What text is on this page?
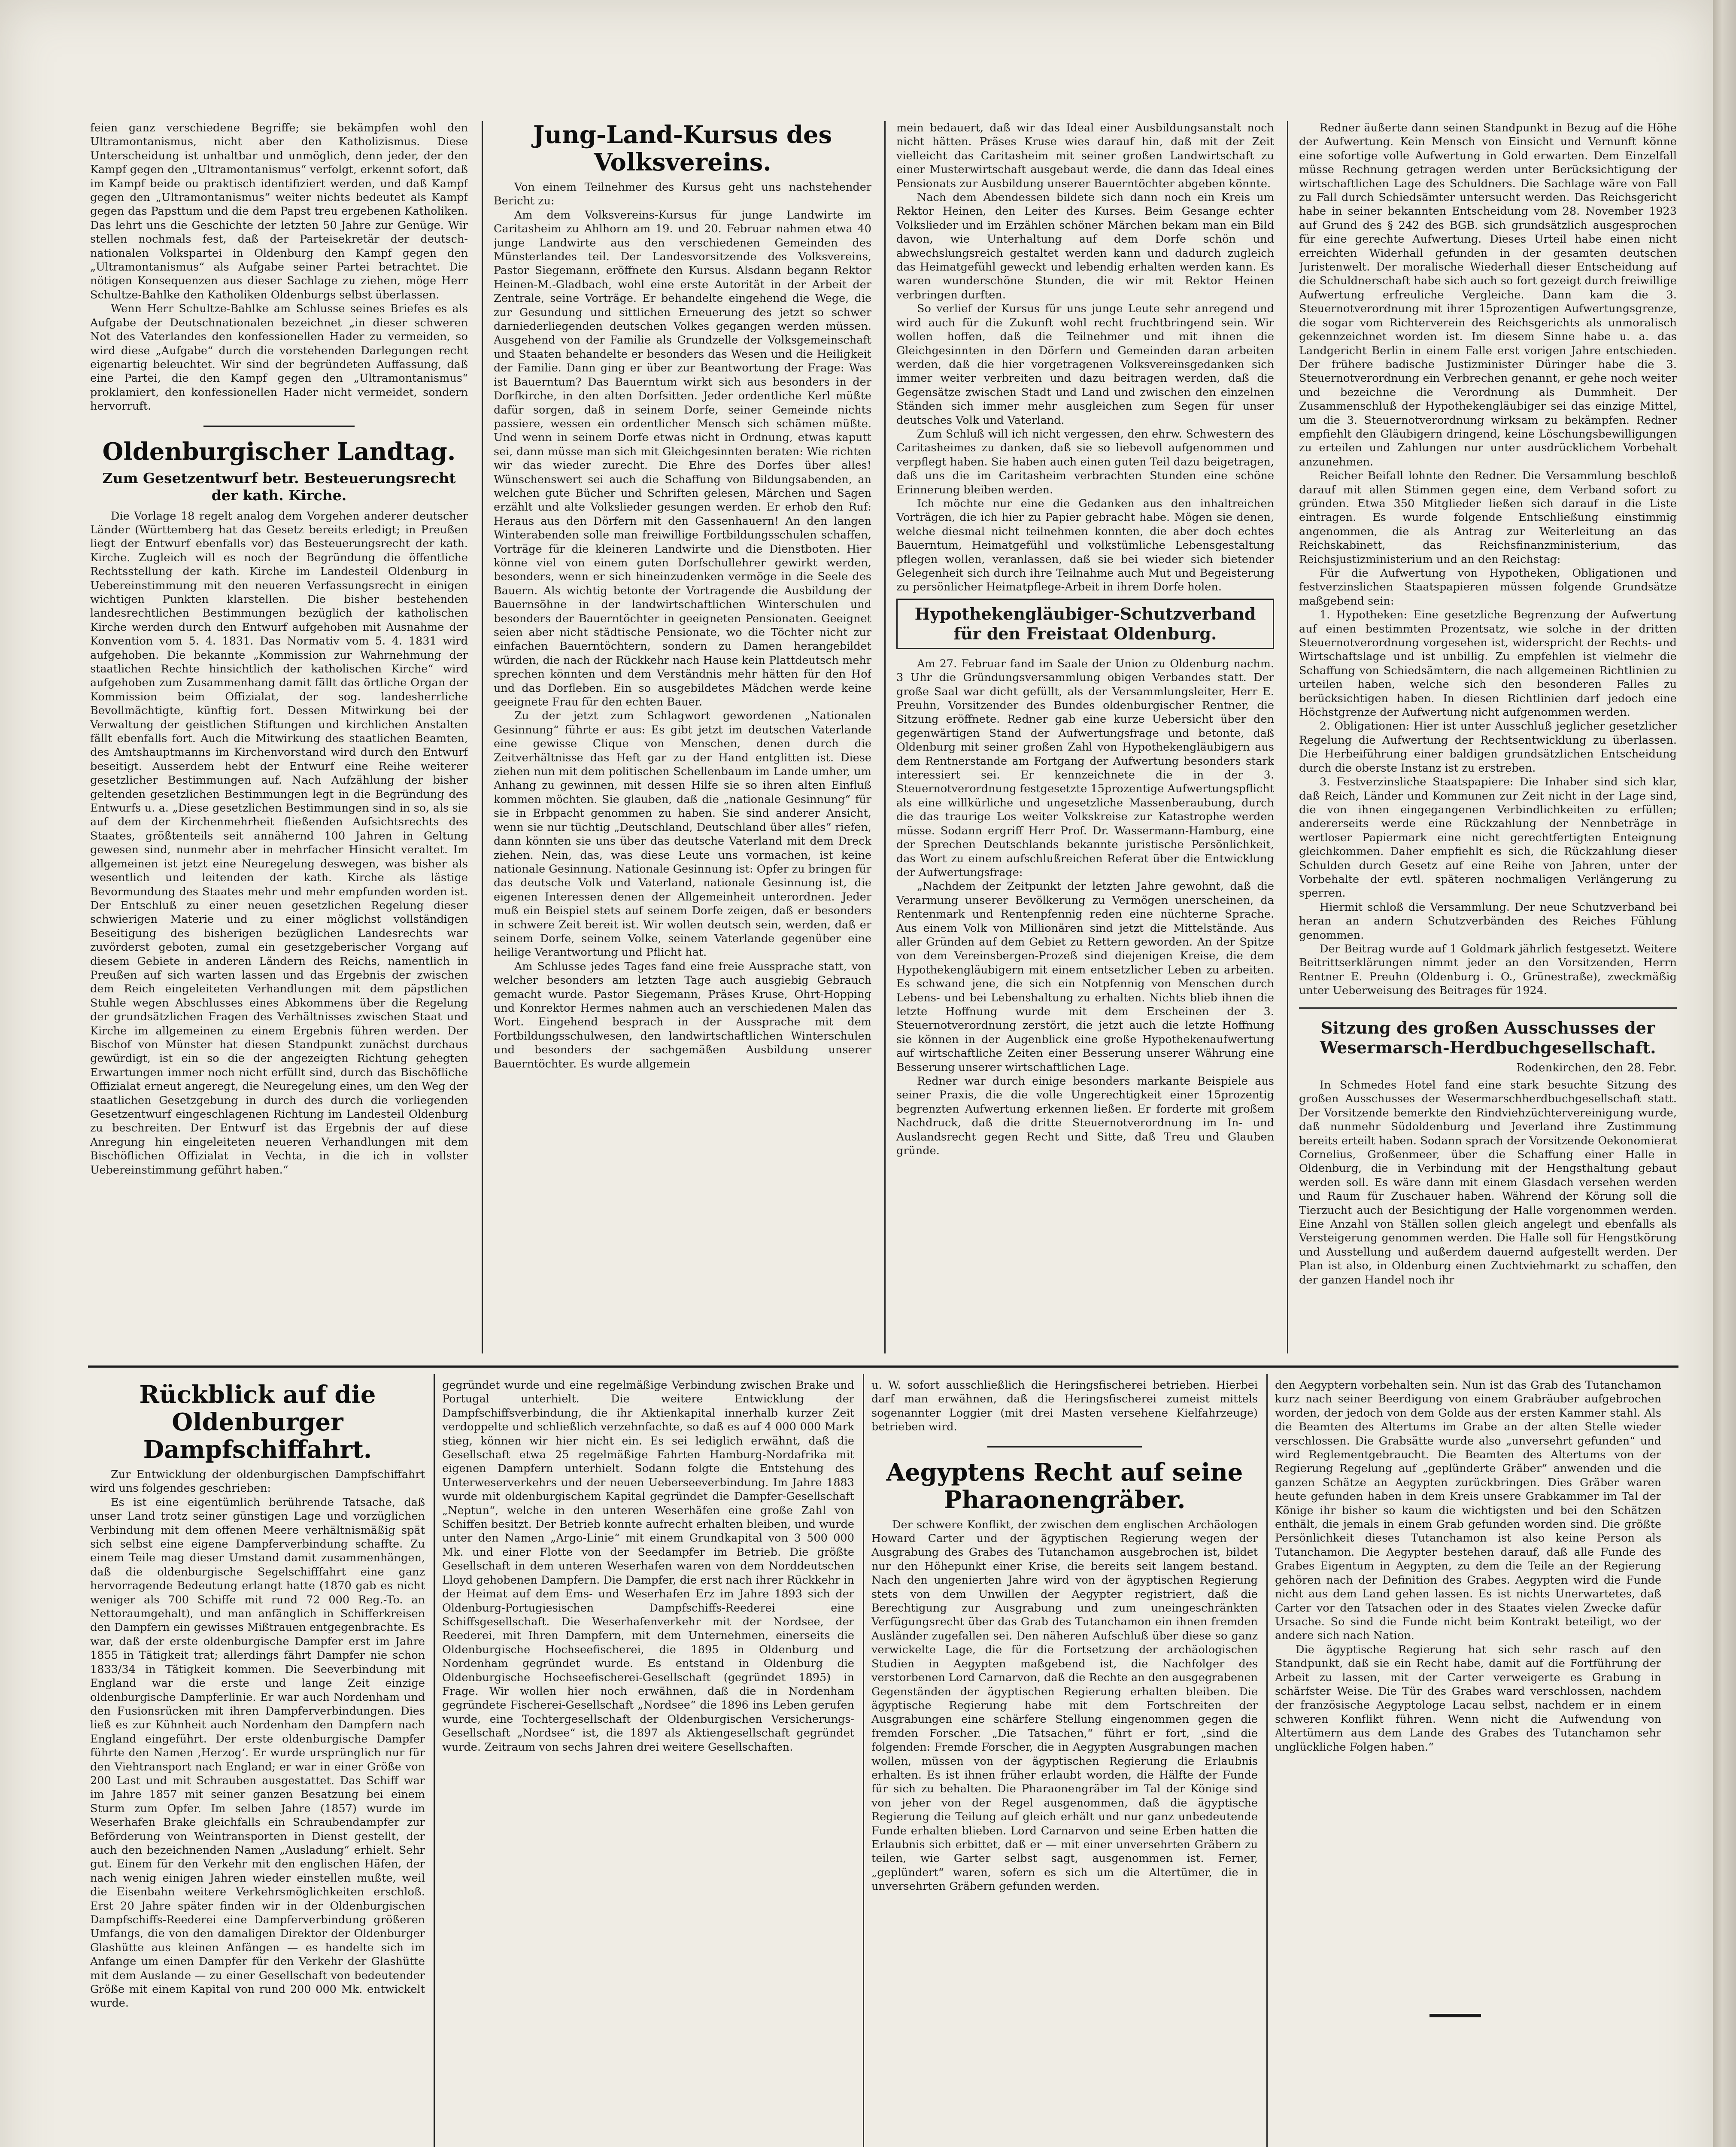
feien ganz verschiedene Begriffe; sie bekämpfen wohl den Ultramontanismus, nicht aber den Katholizismus. Diese Unterscheidung ist unhaltbar und unmöglich, denn jeder, der den Kampf gegen den „Ultramontanismus“ verfolgt, erkennt sofort, daß im Kampf beide ou praktisch identifiziert werden, und daß Kampf gegen den „Ultramontanismus“ weiter nichts bedeutet als Kampf gegen das Papsttum und die dem Papst treu ergebenen Katholiken. Das lehrt uns die Geschichte der letzten 50 Jahre zur Genüge. Wir stellen nochmals fest, daß der Parteisekretär der deutsch-nationalen Volkspartei in Oldenburg den Kampf gegen den „Ultramontanismus“ als Aufgabe seiner Partei betrachtet. Die nötigen Konsequenzen aus dieser Sachlage zu ziehen, möge Herr Schultze-Bahlke den Katholiken Oldenburgs selbst überlassen.

Wenn Herr Schultze-Bahlke am Schlusse seines Briefes es als Aufgabe der Deutschnationalen bezeichnet „in dieser schweren Not des Vaterlandes den konfessionellen Hader zu vermeiden, so wird diese „Aufgabe“ durch die vorstehenden Darlegungen recht eigenartig beleuchtet. Wir sind der begründeten Auffassung, daß eine Partei, die den Kampf gegen den „Ultramontanismus“ proklamiert, den konfessionellen Hader nicht vermeidet, sondern hervorruft.

Oldenburgischer Landtag.
Zum Gesetzentwurf betr. Besteuerungsrecht der kath. Kirche.

Die Vorlage 18 regelt analog dem Vorgehen anderer deutscher Länder (Württemberg hat das Gesetz bereits erledigt; in Preußen liegt der Entwurf ebenfalls vor) das Besteuerungsrecht der kath. Kirche. Zugleich will es noch der Begründung die öffentliche Rechtsstellung der kath. Kirche im Landesteil Oldenburg in Uebereinstimmung mit den neueren Verfassungsrecht in einigen wichtigen Punkten klarstellen. Die bisher bestehenden landesrechtlichen Bestimmungen bezüglich der katholischen Kirche werden durch den Entwurf aufgehoben mit Ausnahme der Konvention vom 5. 4. 1831. Das Normativ vom 5. 4. 1831 wird aufgehoben. Die bekannte „Kommission zur Wahrnehmung der staatlichen Rechte hinsichtlich der katholischen Kirche“ wird aufgehoben zum Zusammenhang damit fällt das örtliche Organ der Kommission beim Offizialat, der sog. landesherrliche Bevollmächtigte, künftig fort. Dessen Mitwirkung bei der Verwaltung der geistlichen Stiftungen und kirchlichen Anstalten fällt ebenfalls fort. Auch die Mitwirkung des staatlichen Beamten, des Amtshauptmanns im Kirchenvorstand wird durch den Entwurf beseitigt. Ausserdem hebt der Entwurf eine Reihe weiterer gesetzlicher Bestimmungen auf. Nach Aufzählung der bisher geltenden gesetzlichen Bestimmungen legt in die Begründung des Entwurfs u. a. „Diese gesetzlichen Bestimmungen sind in so, als sie auf dem der Kirchenmehrheit fließenden Aufsichtsrechts des Staates, größtenteils seit annähernd 100 Jahren in Geltung gewesen sind, nunmehr aber in mehrfacher Hinsicht veraltet. Im allgemeinen ist jetzt eine Neuregelung deswegen, was bisher als wesentlich und leitenden der kath. Kirche als lästige Bevormundung des Staates mehr und mehr empfunden worden ist. Der Entschluß zu einer neuen gesetzlichen Regelung dieser schwierigen Materie und zu einer möglichst vollständigen Beseitigung des bisherigen bezüglichen Landesrechts war zuvörderst geboten, zumal ein gesetzgeberischer Vorgang auf diesem Gebiete in anderen Ländern des Reichs, namentlich in Preußen auf sich warten lassen und das Ergebnis der zwischen dem Reich eingeleiteten Verhandlungen mit dem päpstlichen Stuhle wegen Abschlusses eines Abkommens über die Regelung der grundsätzlichen Fragen des Verhältnisses zwischen Staat und Kirche im allgemeinen zu einem Ergebnis führen werden. Der Bischof von Münster hat diesen Standpunkt zunächst durchaus gewürdigt, ist ein so die der angezeigten Richtung gehegten Erwartungen immer noch nicht erfüllt sind, durch das Bischöfliche Offizialat erneut angeregt, die Neuregelung eines, um den Weg der staatlichen Gesetzgebung in durch des durch die vorliegenden Gesetzentwurf eingeschlagenen Richtung im Landesteil Oldenburg zu beschreiten. Der Entwurf ist das Ergebnis der auf diese Anregung hin eingeleiteten neueren Verhandlungen mit dem Bischöflichen Offizialat in Vechta, in die ich in vollster Uebereinstimmung geführt haben.“

Jung-Land-Kursus des Volksvereins.

Von einem Teilnehmer des Kursus geht uns nachstehender Bericht zu:

Am dem Volksvereins-Kursus für junge Landwirte im Caritasheim zu Ahlhorn am 19. und 20. Februar nahmen etwa 40 junge Landwirte aus den verschiedenen Gemeinden des Münsterlandes teil. Der Landesvorsitzende des Volksvereins, Pastor Siegemann, eröffnete den Kursus. Alsdann begann Rektor Heinen-M.-Gladbach, wohl eine erste Autorität in der Arbeit der Zentrale, seine Vorträge. Er behandelte eingehend die Wege, die zur Gesundung und sittlichen Erneuerung des jetzt so schwer darniederliegenden deutschen Volkes gegangen werden müssen. Ausgehend von der Familie als Grundzelle der Volksgemeinschaft und Staaten behandelte er besonders das Wesen und die Heiligkeit der Familie. Dann ging er über zur Beantwortung der Frage: Was ist Bauerntum? Das Bauerntum wirkt sich aus besonders in der Dorfkirche, in den alten Dorfsitten. Jeder ordentliche Kerl müßte dafür sorgen, daß in seinem Dorfe, seiner Gemeinde nichts passiere, wessen ein ordentlicher Mensch sich schämen müßte. Und wenn in seinem Dorfe etwas nicht in Ordnung, etwas kaputt sei, dann müsse man sich mit Gleichgesinnten beraten: Wie richten wir das wieder zurecht. Die Ehre des Dorfes über alles! Wünschenswert sei auch die Schaffung von Bildungsabenden, an welchen gute Bücher und Schriften gelesen, Märchen und Sagen erzählt und alte Volkslieder gesungen werden. Er erhob den Ruf: Heraus aus den Dörfern mit den Gassenhauern! An den langen Winterabenden solle man freiwillige Fortbildungsschulen schaffen, Vorträge für die kleineren Landwirte und die Dienstboten. Hier könne viel von einem guten Dorfschullehrer gewirkt werden, besonders, wenn er sich hineinzudenken vermöge in die Seele des Bauern. Als wichtig betonte der Vortragende die Ausbildung der Bauernsöhne in der landwirtschaftlichen Winterschulen und besonders der Bauerntöchter in geeigneten Pensionaten. Geeignet seien aber nicht städtische Pensionate, wo die Töchter nicht zur einfachen Bauerntöchtern, sondern zu Damen herangebildet würden, die nach der Rückkehr nach Hause kein Plattdeutsch mehr sprechen könnten und dem Verständnis mehr hätten für den Hof und das Dorfleben. Ein so ausgebildetes Mädchen werde keine geeignete Frau für den echten Bauer.

Zu der jetzt zum Schlagwort gewordenen „Nationalen Gesinnung“ führte er aus: Es gibt jetzt im deutschen Vaterlande eine gewisse Clique von Menschen, denen durch die Zeitverhältnisse das Heft gar zu der Hand entglitten ist. Diese ziehen nun mit dem politischen Schellenbaum im Lande umher, um Anhang zu gewinnen, mit dessen Hilfe sie so ihren alten Einfluß kommen möchten. Sie glauben, daß die „nationale Gesinnung“ für sie in Erbpacht genommen zu haben. Sie sind anderer Ansicht, wenn sie nur tüchtig „Deutschland, Deutschland über alles“ riefen, dann könnten sie uns über das deutsche Vaterland mit dem Dreck ziehen. Nein, das, was diese Leute uns vormachen, ist keine nationale Gesinnung. Nationale Gesinnung ist: Opfer zu bringen für das deutsche Volk und Vaterland, nationale Gesinnung ist, die eigenen Interessen denen der Allgemeinheit unterordnen. Jeder muß ein Beispiel stets auf seinem Dorfe zeigen, daß er besonders in schwere Zeit bereit ist. Wir wollen deutsch sein, werden, daß er seinem Dorfe, seinem Volke, seinem Vaterlande gegenüber eine heilige Verantwortung und Pflicht hat.

Am Schlusse jedes Tages fand eine freie Aussprache statt, von welcher besonders am letzten Tage auch ausgiebig Gebrauch gemacht wurde. Pastor Siegemann, Präses Kruse, Ohrt-Hopping und Konrektor Hermes nahmen auch an verschiedenen Malen das Wort. Eingehend besprach in der Aussprache mit dem Fortbildungsschulwesen, den landwirtschaftlichen Winterschulen und besonders der sachgemäßen Ausbildung unserer Bauerntöchter. Es wurde allgemein

mein bedauert, daß wir das Ideal einer Ausbildungsanstalt noch nicht hätten. Präses Kruse wies darauf hin, daß mit der Zeit vielleicht das Caritasheim mit seiner großen Landwirtschaft zu einer Musterwirtschaft ausgebaut werde, die dann das Ideal eines Pensionats zur Ausbildung unserer Bauerntöchter abgeben könnte.

Nach dem Abendessen bildete sich dann noch ein Kreis um Rektor Heinen, den Leiter des Kurses. Beim Gesange echter Volkslieder und im Erzählen schöner Märchen bekam man ein Bild davon, wie Unterhaltung auf dem Dorfe schön und abwechslungsreich gestaltet werden kann und dadurch zugleich das Heimatgefühl geweckt und lebendig erhalten werden kann. Es waren wunderschöne Stunden, die wir mit Rektor Heinen verbringen durften.

So verlief der Kursus für uns junge Leute sehr anregend und wird auch für die Zukunft wohl recht fruchtbringend sein. Wir wollen hoffen, daß die Teilnehmer und mit ihnen die Gleichgesinnten in den Dörfern und Gemeinden daran arbeiten werden, daß die hier vorgetragenen Volksvereinsgedanken sich immer weiter verbreiten und dazu beitragen werden, daß die Gegensätze zwischen Stadt und Land und zwischen den einzelnen Ständen sich immer mehr ausgleichen zum Segen für unser deutsches Volk und Vaterland.

Zum Schluß will ich nicht vergessen, den ehrw. Schwestern des Caritasheimes zu danken, daß sie so liebevoll aufgenommen und verpflegt haben. Sie haben auch einen guten Teil dazu beigetragen, daß uns die im Caritasheim verbrachten Stunden eine schöne Erinnerung bleiben werden.

Ich möchte nur eine die Gedanken aus den inhaltreichen Vorträgen, die ich hier zu Papier gebracht habe. Mögen sie denen, welche diesmal nicht teilnehmen konnten, die aber doch echtes Bauerntum, Heimatgefühl und volkstümliche Lebensgestaltung pflegen wollen, veranlassen, daß sie bei wieder sich bietender Gelegenheit sich durch ihre Teilnahme auch Mut und Begeisterung zu persönlicher Heimatpflege-Arbeit in ihrem Dorfe holen.

Hypothekengläubiger-Schutzverband für den Freistaat Oldenburg.

Am 27. Februar fand im Saale der Union zu Oldenburg nachm. 3 Uhr die Gründungsversammlung obigen Verbandes statt. Der große Saal war dicht gefüllt, als der Versammlungsleiter, Herr E. Preuhn, Vorsitzender des Bundes oldenburgischer Rentner, die Sitzung eröffnete. Redner gab eine kurze Uebersicht über den gegenwärtigen Stand der Aufwertungsfrage und betonte, daß Oldenburg mit seiner großen Zahl von Hypothekengläubigern aus dem Rentnerstande am Fortgang der Aufwertung besonders stark interessiert sei. Er kennzeichnete die in der 3. Steuernotverordnung festgesetzte 15prozentige Aufwertungspflicht als eine willkürliche und ungesetzliche Massenberaubung, durch die das traurige Los weiter Volkskreise zur Katastrophe werden müsse. Sodann ergriff Herr Prof. Dr. Wassermann-Hamburg, eine der Sprechen Deutschlands bekannte juristische Persönlichkeit, das Wort zu einem aufschlußreichen Referat über die Entwicklung der Aufwertungsfrage:

„Nachdem der Zeitpunkt der letzten Jahre gewohnt, daß die Verarmung unserer Bevölkerung zu Vermögen unerscheinen, da Rentenmark und Rentenpfennig reden eine nüchterne Sprache. Aus einem Volk von Millionären sind jetzt die Mittelstände. Aus aller Gründen auf dem Gebiet zu Rettern geworden. An der Spitze von dem Vereinsbergen-Prozeß sind diejenigen Kreise, die dem Hypothekengläubigern mit einem entsetzlicher Leben zu arbeiten. Es schwand jene, die sich ein Notpfennig von Menschen durch Lebens- und bei Lebenshaltung zu erhalten. Nichts blieb ihnen die letzte Hoffnung wurde mit dem Erscheinen der 3. Steuernotverordnung zerstört, die jetzt auch die letzte Hoffnung sie können in der Augenblick eine große Hypothekenaufwertung auf wirtschaftliche Zeiten einer Besserung unserer Währung eine Besserung unserer wirtschaftlichen Lage.

Redner war durch einige besonders markante Beispiele aus seiner Praxis, die die volle Ungerechtigkeit einer 15prozentig begrenzten Aufwertung erkennen ließen. Er forderte mit großem Nachdruck, daß die dritte Steuernotverordnung im In- und Auslandsrecht gegen Recht und Sitte, daß Treu und Glauben gründe.

Redner äußerte dann seinen Standpunkt in Bezug auf die Höhe der Aufwertung. Kein Mensch von Einsicht und Vernunft könne eine sofortige volle Aufwertung in Gold erwarten. Dem Einzelfall müsse Rechnung getragen werden unter Berücksichtigung der wirtschaftlichen Lage des Schuldners. Die Sachlage wäre von Fall zu Fall durch Schiedsämter untersucht werden. Das Reichsgericht habe in seiner bekannten Entscheidung vom 28. November 1923 auf Grund des § 242 des BGB. sich grundsätzlich ausgesprochen für eine gerechte Aufwertung. Dieses Urteil habe einen nicht erreichten Widerhall gefunden in der gesamten deutschen Juristenwelt. Der moralische Wiederhall dieser Entscheidung auf die Schuldnerschaft habe sich auch so fort gezeigt durch freiwillige Aufwertung erfreuliche Vergleiche. Dann kam die 3. Steuernotverordnung mit ihrer 15prozentigen Aufwertungsgrenze, die sogar vom Richterverein des Reichsgerichts als unmoralisch gekennzeichnet worden ist. Im diesem Sinne habe u. a. das Landgericht Berlin in einem Falle erst vorigen Jahre entschieden. Der frühere badische Justizminister Düringer habe die 3. Steuernotverordnung ein Verbrechen genannt, er gehe noch weiter und bezeichne die Verordnung als Dummheit. Der Zusammenschluß der Hypothekengläubiger sei das einzige Mittel, um die 3. Steuernotverordnung wirksam zu bekämpfen. Redner empfiehlt den Gläubigern dringend, keine Löschungsbewilligungen zu erteilen und Zahlungen nur unter ausdrücklichem Vorbehalt anzunehmen.

Reicher Beifall lohnte den Redner. Die Versammlung beschloß darauf mit allen Stimmen gegen eine, dem Verband sofort zu gründen. Etwa 350 Mitglieder ließen sich darauf in die Liste eintragen. Es wurde folgende Entschließung einstimmig angenommen, die als Antrag zur Weiterleitung an das Reichskabinett, das Reichsfinanzministerium, das Reichsjustizministerium und an den Reichstag:

Für die Aufwertung von Hypotheken, Obligationen und festverzinslichen Staatspapieren müssen folgende Grundsätze maßgebend sein:

1. Hypotheken: Eine gesetzliche Begrenzung der Aufwertung auf einen bestimmten Prozentsatz, wie solche in der dritten Steuernotverordnung vorgesehen ist, widerspricht der Rechts- und Wirtschaftslage und ist unbillig. Zu empfehlen ist vielmehr die Schaffung von Schiedsämtern, die nach allgemeinen Richtlinien zu urteilen haben, welche sich den besonderen Falles zu berücksichtigen haben. In diesen Richtlinien darf jedoch eine Höchstgrenze der Aufwertung nicht aufgenommen werden.

2. Obligationen: Hier ist unter Ausschluß jeglicher gesetzlicher Regelung die Aufwertung der Rechtsentwicklung zu überlassen. Die Herbeiführung einer baldigen grundsätzlichen Entscheidung durch die oberste Instanz ist zu erstreben.

3. Festverzinsliche Staatspapiere: Die Inhaber sind sich klar, daß Reich, Länder und Kommunen zur Zeit nicht in der Lage sind, die von ihnen eingegangenen Verbindlichkeiten zu erfüllen; andererseits werde eine Rückzahlung der Nennbeträge in wertloser Papiermark eine nicht gerechtfertigten Enteignung gleichkommen. Daher empfiehlt es sich, die Rückzahlung dieser Schulden durch Gesetz auf eine Reihe von Jahren, unter der Vorbehalte der evtl. späteren nochmaligen Verlängerung zu sperren.

Hiermit schloß die Versammlung. Der neue Schutzverband bei heran an andern Schutzverbänden des Reiches Fühlung genommen.

Der Beitrag wurde auf 1 Goldmark jährlich festgesetzt. Weitere Beitrittserklärungen nimmt jeder an den Vorsitzenden, Herrn Rentner E. Preuhn (Oldenburg i. O., Grünestraße), zweckmäßig unter Ueberweisung des Beitrages für 1924.

Sitzung des großen Ausschusses der Wesermarsch-Herdbuchgesellschaft.
Rodenkirchen, den 28. Febr.

In Schmedes Hotel fand eine stark besuchte Sitzung des großen Ausschusses der Wesermarschherdbuchgesellschaft statt. Der Vorsitzende bemerkte den Rindviehzüchtervereinigung wurde, daß nunmehr Südoldenburg und Jeverland ihre Zustimmung bereits erteilt haben. Sodann sprach der Vorsitzende Oekonomierat Cornelius, Großenmeer, über die Schaffung einer Halle in Oldenburg, die in Verbindung mit der Hengsthaltung gebaut werden soll. Es wäre dann mit einem Glasdach versehen werden und Raum für Zuschauer haben. Während der Körung soll die Tierzucht auch der Besichtigung der Halle vorgenommen werden. Eine Anzahl von Ställen sollen gleich angelegt und ebenfalls als Versteigerung genommen werden. Die Halle soll für Hengstkörung und Ausstellung und außerdem dauernd aufgestellt werden. Der Plan ist also, in Oldenburg einen Zuchtviehmarkt zu schaffen, den der ganzen Handel noch ihr

Rückblick auf die Oldenburger Dampfschiffahrt.

Zur Entwicklung der oldenburgischen Dampfschiffahrt wird uns folgendes geschrieben:

Es ist eine eigentümlich berührende Tatsache, daß unser Land trotz seiner günstigen Lage und vorzüglichen Verbindung mit dem offenen Meere verhältnismäßig spät sich selbst eine eigene Dampferverbindung schaffte. Zu einem Teile mag dieser Umstand damit zusammenhängen, daß die oldenburgische Segelschifffahrt eine ganz hervorragende Bedeutung erlangt hatte (1870 gab es nicht weniger als 700 Schiffe mit rund 72 000 Reg.-To. an Nettoraumgehalt), und man anfänglich in Schifferkreisen den Dampfern ein gewisses Mißtrauen entgegenbrachte. Es war, daß der erste oldenburgische Dampfer erst im Jahre 1855 in Tätigkeit trat; allerdings fährt Dampfer nie schon 1833/34 in Tätigkeit kommen. Die Seeverbindung mit England war die erste und lange Zeit einzige oldenburgische Dampferlinie. Er war auch Nordenham und den Fusionsrücken mit ihren Dampferverbindungen. Dies ließ es zur Kühnheit auch Nordenham den Dampfern nach England eingeführt. Der erste oldenburgische Dampfer führte den Namen ‚Herzog‘. Er wurde ursprünglich nur für den Viehtransport nach England; er war in einer Größe von 200 Last und mit Schrauben ausgestattet. Das Schiff war im Jahre 1857 mit seiner ganzen Besatzung bei einem Sturm zum Opfer. Im selben Jahre (1857) wurde im Weserhafen Brake gleichfalls ein Schraubendampfer zur Beförderung von Weintransporten in Dienst gestellt, der auch den bezeichnenden Namen „Ausladung“ erhielt. Sehr gut. Einem für den Verkehr mit den englischen Häfen, der nach wenig einigen Jahren wieder einstellen mußte, weil die Eisenbahn weitere Verkehrsmöglichkeiten erschloß. Erst 20 Jahre später finden wir in der Oldenburgischen Dampfschiffs-Reederei eine Dampferverbindung größeren Umfangs, die von den damaligen Direktor der Oldenburger Glashütte aus kleinen Anfängen — es handelte sich im Anfange um einen Dampfer für den Verkehr der Glashütte mit dem Auslande — zu einer Gesellschaft von bedeutender Größe mit einem Kapital von rund 200 000 Mk. entwickelt wurde.

gegründet wurde und eine regelmäßige Verbindung zwischen Brake und Portugal unterhielt. Die weitere Entwicklung der Dampfschiffsverbindung, die ihr Aktienkapital innerhalb kurzer Zeit verdoppelte und schließlich verzehnfachte, so daß es auf 4 000 000 Mark stieg, können wir hier nicht ein. Es sei lediglich erwähnt, daß die Gesellschaft etwa 25 regelmäßige Fahrten Hamburg-Nordafrika mit eigenen Dampfern unterhielt. Sodann folgte die Entstehung des Unterweserverkehrs und der neuen Ueberseeverbindung. Im Jahre 1883 wurde mit oldenburgischem Kapital gegründet die Dampfer-Gesellschaft „Neptun“, welche in den unteren Weserhäfen eine große Zahl von Schiffen besitzt. Der Betrieb konnte aufrecht erhalten bleiben, und wurde unter den Namen „Argo-Linie“ mit einem Grundkapital von 3 500 000 Mk. und einer Flotte von der Seedampfer im Betrieb. Die größte Gesellschaft in dem unteren Weserhafen waren von dem Norddeutschen Lloyd gehobenen Dampfern. Die Dampfer, die erst nach ihrer Rückkehr in der Heimat auf dem Ems- und Weserhafen Erz im Jahre 1893 sich der Oldenburg-Portugiesischen Dampfschiffs-Reederei eine Schiffsgesellschaft. Die Weserhafenverkehr mit der Nordsee, der Reederei, mit Ihren Dampfern, mit dem Unternehmen, einerseits die Oldenburgische Hochseefischerei, die 1895 in Oldenburg und Nordenham gegründet wurde. Es entstand in Oldenburg die Oldenburgische Hochseefischerei-Gesellschaft (gegründet 1895) in Frage. Wir wollen hier noch erwähnen, daß die in Nordenham gegründete Fischerei-Gesellschaft „Nordsee“ die 1896 ins Leben gerufen wurde, eine Tochtergesellschaft der Oldenburgischen Versicherungs-Gesellschaft „Nordsee“ ist, die 1897 als Aktiengesellschaft gegründet wurde. Zeitraum von sechs Jahren drei weitere Gesellschaften.

u. W. sofort ausschließlich die Heringsfischerei betrieben. Hierbei darf man erwähnen, daß die Heringsfischerei zumeist mittels sogenannter Loggier (mit drei Masten versehene Kielfahrzeuge) betrieben wird.

Aegyptens Recht auf seine Pharaonengräber.

Der schwere Konflikt, der zwischen dem englischen Archäologen Howard Carter und der ägyptischen Regierung wegen der Ausgrabung des Grabes des Tutanchamon ausgebrochen ist, bildet nur den Höhepunkt einer Krise, die bereits seit langem bestand. Nach den ungenierten Jahre wird von der ägyptischen Regierung stets von dem Unwillen der Aegypter registriert, daß die Berechtigung zur Ausgrabung und zum uneingeschränkten Verfügungsrecht über das Grab des Tutanchamon ein ihnen fremden Ausländer zugefallen sei. Den näheren Aufschluß über diese so ganz verwickelte Lage, die für die Fortsetzung der archäologischen Studien in Aegypten maßgebend ist, die Nachfolger des verstorbenen Lord Carnarvon, daß die Rechte an den ausgegrabenen Gegenständen der ägyptischen Regierung erhalten bleiben. Die ägyptische Regierung habe mit dem Fortschreiten der Ausgrabungen eine schärfere Stellung eingenommen gegen die fremden Forscher. „Die Tatsachen,“ führt er fort, „sind die folgenden: Fremde Forscher, die in Aegypten Ausgrabungen machen wollen, müssen von der ägyptischen Regierung die Erlaubnis erhalten. Es ist ihnen früher erlaubt worden, die Hälfte der Funde für sich zu behalten. Die Pharaonengräber im Tal der Könige sind von jeher von der Regel ausgenommen, daß die ägyptische Regierung die Teilung auf gleich erhält und nur ganz unbedeutende Funde erhalten blieben. Lord Carnarvon und seine Erben hatten die Erlaubnis sich erbittet, daß er — mit einer unversehrten Gräbern zu teilen, wie Garter selbst sagt, ausgenommen ist. Ferner, „geplündert“ waren, sofern es sich um die Altertümer, die in unversehrten Gräbern gefunden werden.

den Aegyptern vorbehalten sein. Nun ist das Grab des Tutanchamon kurz nach seiner Beerdigung von einem Grabräuber aufgebrochen worden, der jedoch von dem Golde aus der ersten Kammer stahl. Als die Beamten des Altertums im Grabe an der alten Stelle wieder verschlossen. Die Grabsätte wurde also „unversehrt gefunden“ und wird Reglementgebraucht. Die Beamten des Altertums von der Regierung Regelung auf „geplünderte Gräber“ anwenden und die ganzen Schätze an Aegypten zurückbringen. Dies Gräber waren heute gefunden haben in dem Kreis unsere Grabkammer im Tal der Könige ihr bisher so kaum die wichtigsten und bei den Schätzen enthält, die jemals in einem Grab gefunden worden sind. Die größte Persönlichkeit dieses Tutanchamon ist also keine Person als Tutanchamon. Die Aegypter bestehen darauf, daß alle Funde des Grabes Eigentum in Aegypten, zu dem die Teile an der Regierung gehören nach der Definition des Grabes. Aegypten wird die Funde nicht aus dem Land gehen lassen. Es ist nichts Unerwartetes, daß Carter vor den Tatsachen oder in des Staates vielen Zwecke dafür Ursache. So sind die Funde nicht beim Kontrakt beteiligt, wo der andere sich nach Nation.

Die ägyptische Regierung hat sich sehr rasch auf den Standpunkt, daß sie ein Recht habe, damit auf die Fortführung der Arbeit zu lassen, mit der Carter verweigerte es Grabung in schärfster Weise. Die Tür des Grabes ward verschlossen, nachdem der französische Aegyptologe Lacau selbst, nachdem er in einem schweren Konflikt führen. Wenn nicht die Aufwendung von Altertümern aus dem Lande des Grabes des Tutanchamon sehr unglückliche Folgen haben.“
